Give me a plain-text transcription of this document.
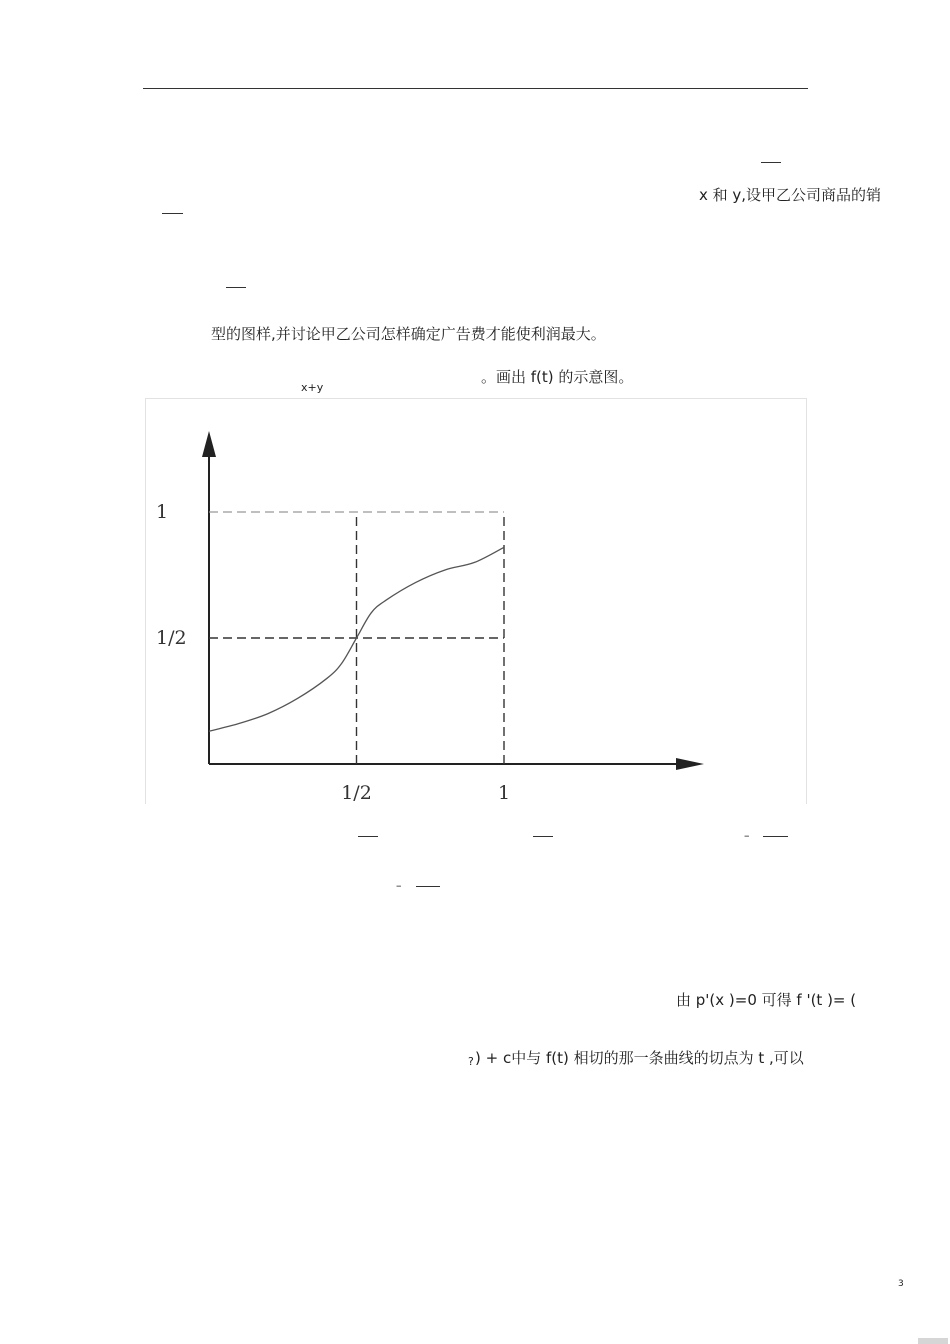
x 和 y,设甲乙公司商品的销
型的图样,并讨论甲乙公司怎样确定广告费才能使利润最大。
x+y
。画出 f(t) 的示意图。
1/2	1
1
1/2
–
–
由 p'(x )=0 可得 f '(t )= (
? ) + c中与 f(t) 相切的那一条曲线的切点为 t ,可以
3
